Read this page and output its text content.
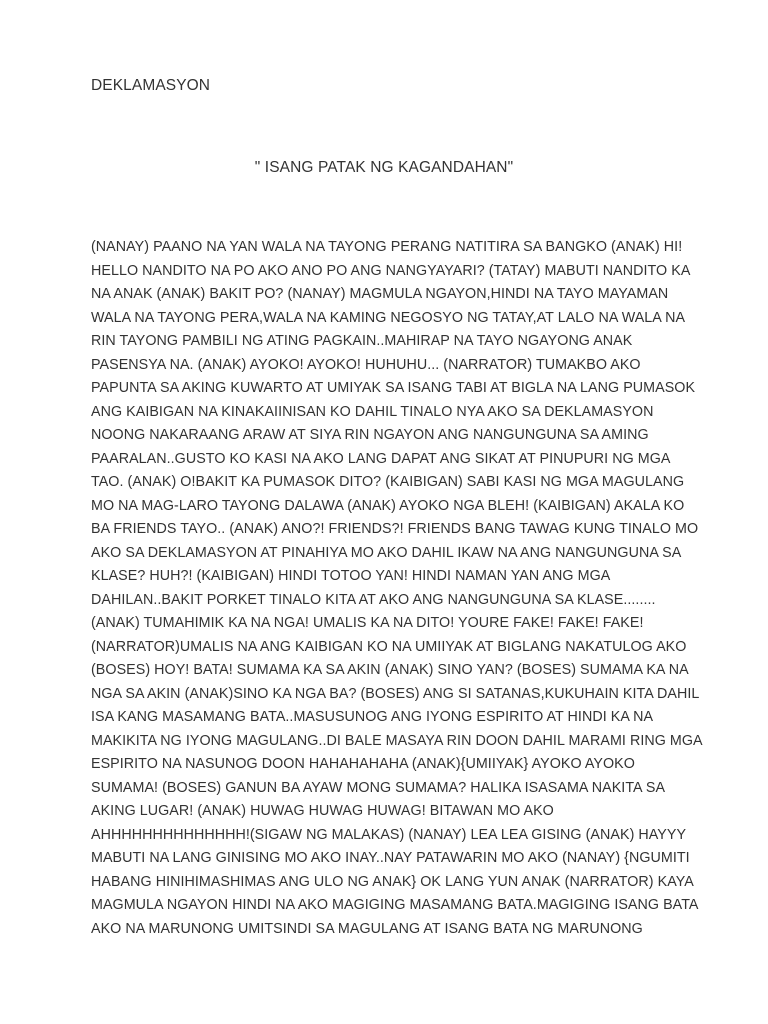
DEKLAMASYON
" ISANG PATAK NG KAGANDAHAN"
(NANAY) PAANO NA YAN WALA NA TAYONG PERANG NATITIRA SA BANGKO (ANAK) HI!
HELLO NANDITO NA PO AKO ANO PO ANG NANGYAYARI? (TATAY) MABUTI NANDITO KA
NA ANAK (ANAK) BAKIT PO? (NANAY) MAGMULA NGAYON,HINDI NA TAYO MAYAMAN
WALA NA TAYONG PERA,WALA NA KAMING NEGOSYO NG TATAY,AT LALO NA WALA NA
RIN TAYONG PAMBILI NG ATING PAGKAIN..MAHIRAP NA TAYO NGAYONG ANAK
PASENSYA NA. (ANAK) AYOKO! AYOKO! HUHUHU... (NARRATOR) TUMAKBO AKO
PAPUNTA SA AKING KUWARTO AT UMIYAK SA ISANG TABI AT BIGLA NA LANG PUMASOK
ANG KAIBIGAN NA KINAKAIINISAN KO DAHIL TINALO NYA AKO SA DEKLAMASYON
NOONG NAKARAANG ARAW AT SIYA RIN NGAYON ANG NANGUNGUNA SA AMING
PAARALAN..GUSTO KO KASI NA AKO LANG DAPAT ANG SIKAT AT PINUPURI NG MGA
TAO. (ANAK) O!BAKIT KA PUMASOK DITO? (KAIBIGAN) SABI KASI NG MGA MAGULANG
MO NA MAG-LARO TAYONG DALAWA (ANAK) AYOKO NGA BLEH! (KAIBIGAN) AKALA KO
BA FRIENDS TAYO.. (ANAK) ANO?! FRIENDS?! FRIENDS BANG TAWAG KUNG TINALO MO
AKO SA DEKLAMASYON AT PINAHIYA MO AKO DAHIL IKAW NA ANG NANGUNGUNA SA
KLASE? HUH?! (KAIBIGAN) HINDI TOTOO YAN! HINDI NAMAN YAN ANG MGA
DAHILAN..BAKIT PORKET TINALO KITA AT AKO ANG NANGUNGUNA SA KLASE........
(ANAK) TUMAHIMIK KA NA NGA! UMALIS KA NA DITO! YOURE FAKE! FAKE! FAKE!
(NARRATOR)UMALIS NA ANG KAIBIGAN KO NA UMIIYAK AT BIGLANG NAKATULOG AKO
(BOSES) HOY! BATA! SUMAMA KA SA AKIN (ANAK) SINO YAN? (BOSES) SUMAMA KA NA
NGA SA AKIN (ANAK)SINO KA NGA BA? (BOSES) ANG SI SATANAS,KUKUHAIN KITA DAHIL
ISA KANG MASAMANG BATA..MASUSUNOG ANG IYONG ESPIRITO AT HINDI KA NA
MAKIKITA NG IYONG MAGULANG..DI BALE MASAYA RIN DOON DAHIL MARAMI RING MGA
ESPIRITO NA NASUNOG DOON HAHAHAHAHA (ANAK){UMIIYAK} AYOKO AYOKO
SUMAMA! (BOSES) GANUN BA AYAW MONG SUMAMA? HALIKA ISASAMA NAKITA SA
AKING LUGAR! (ANAK) HUWAG HUWAG HUWAG! BITAWAN MO AKO
AHHHHHHHHHHHHHH!(SIGAW NG MALAKAS) (NANAY) LEA LEA GISING (ANAK) HAYYY
MABUTI NA LANG GINISING MO AKO INAY..NAY PATAWARIN MO AKO (NANAY) {NGUMITI
HABANG HINIHIMASHIMAS ANG ULO NG ANAK} OK LANG YUN ANAK (NARRATOR) KAYA
MAGMULA NGAYON HINDI NA AKO MAGIGING MASAMANG BATA.MAGIGING ISANG BATA
AKO NA MARUNONG UMITSINDI SA MAGULANG AT ISANG BATA NG MARUNONG
